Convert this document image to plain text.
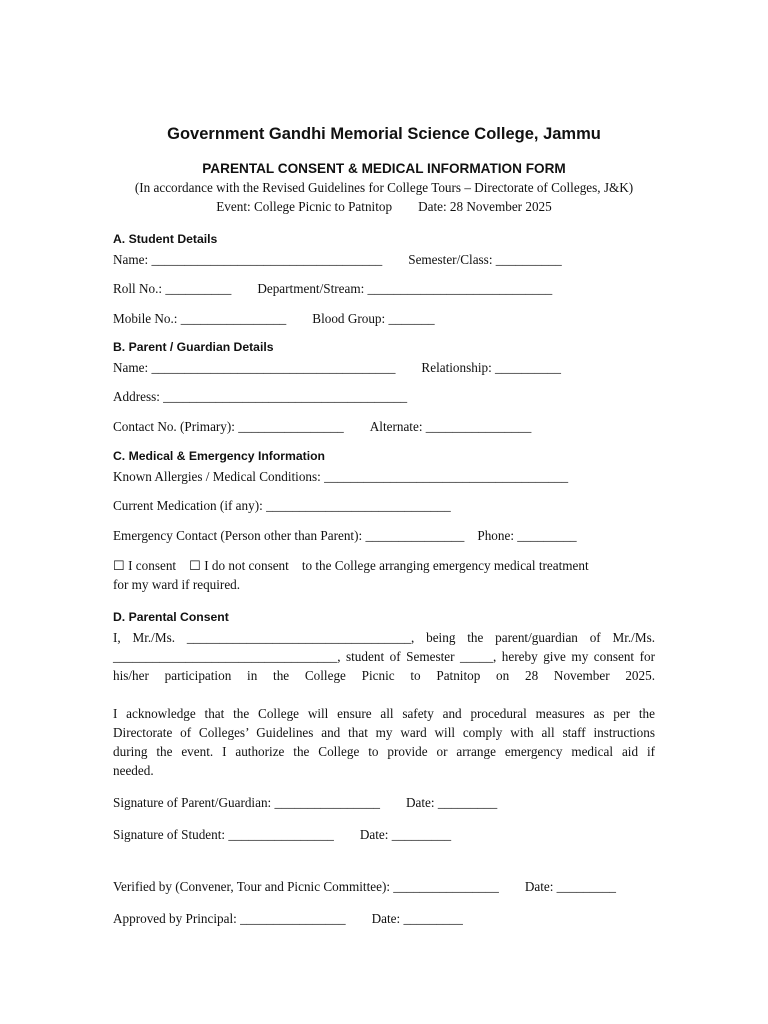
Government Gandhi Memorial Science College, Jammu
PARENTAL CONSENT & MEDICAL INFORMATION FORM
(In accordance with the Revised Guidelines for College Tours – Directorate of Colleges, J&K)
Event: College Picnic to Patnitop Date: 28 November 2025
A. Student Details
Name: ___________________________________ Semester/Class: __________
Roll No.: __________ Department/Stream: ____________________________
Mobile No.: ________________ Blood Group: _______
B. Parent / Guardian Details
Name: _____________________________________ Relationship: __________
Address: _____________________________________
Contact No. (Primary): ________________ Alternate: ________________
C. Medical & Emergency Information
Known Allergies / Medical Conditions: _____________________________________
Current Medication (if any): ____________________________
Emergency Contact (Person other than Parent): _______________ Phone: _________
☐ I consent ☐ I do not consent to the College arranging emergency medical treatment
for my ward if required.
D. Parental Consent
I, Mr./Ms. __________________________________, being the parent/guardian of Mr./Ms.
__________________________________, student of Semester _____, hereby give my consent for
his/her participation in the College Picnic to Patnitop on 28 November 2025.
I acknowledge that the College will ensure all safety and procedural measures as per the
Directorate of Colleges’ Guidelines and that my ward will comply with all staff instructions
during the event. I authorize the College to provide or arrange emergency medical aid if
needed.
Signature of Parent/Guardian: ________________ Date: _________
Signature of Student: ________________ Date: _________
Verified by (Convener, Tour and Picnic Committee): ________________ Date: _________
Approved by Principal: ________________ Date: _________
